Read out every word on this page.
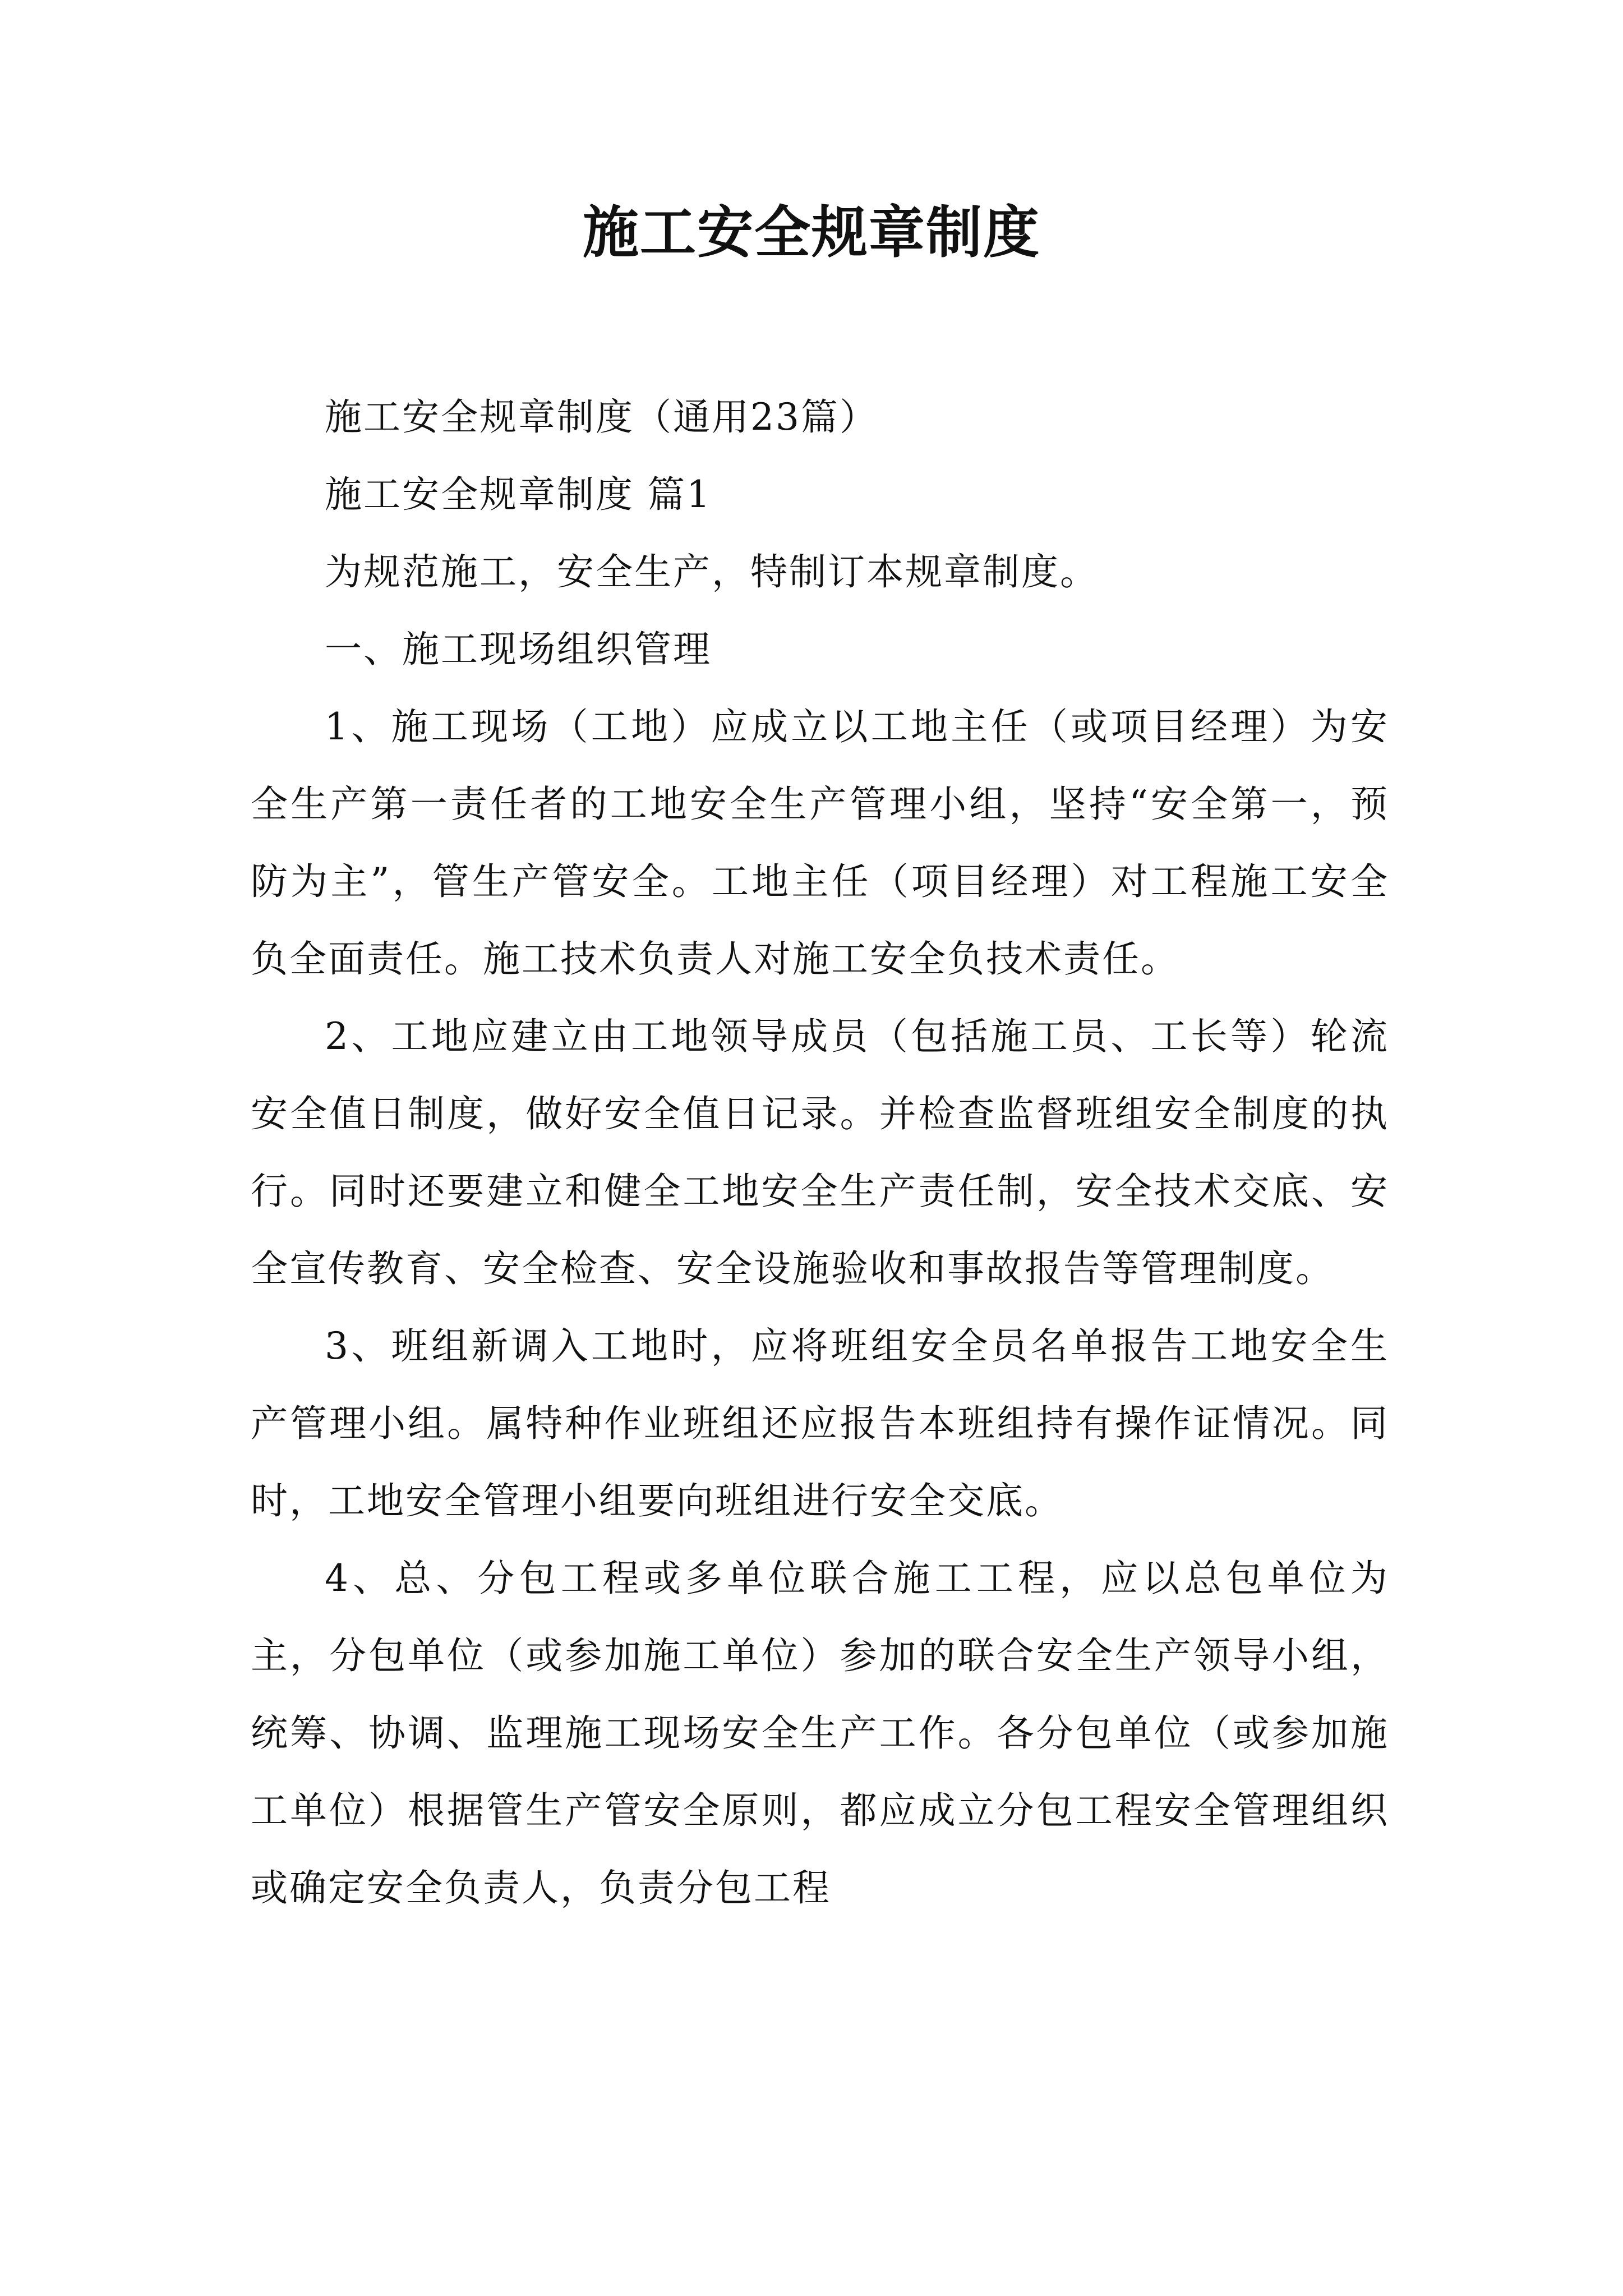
施工安全规章制度

施工安全规章制度（通用23篇）

施工安全规章制度 篇1

为规范施工，安全生产，特制订本规章制度。

一、施工现场组织管理

1、施工现场（工地）应成立以工地主任（或项目经理）为安全生产第一责任者的工地安全生产管理小组，坚持“安全第一，预防为主”，管生产管安全。工地主任（项目经理）对工程施工安全负全面责任。施工技术负责人对施工安全负技术责任。

2、工地应建立由工地领导成员（包括施工员、工长等）轮流安全值日制度，做好安全值日记录。并检查监督班组安全制度的执行。同时还要建立和健全工地安全生产责任制，安全技术交底、安全宣传教育、安全检查、安全设施验收和事故报告等管理制度。

3、班组新调入工地时，应将班组安全员名单报告工地安全生产管理小组。属特种作业班组还应报告本班组持有操作证情况。同时，工地安全管理小组要向班组进行安全交底。

4、总、分包工程或多单位联合施工工程，应以总包单位为主，分包单位（或参加施工单位）参加的联合安全生产领导小组，统筹、协调、监理施工现场安全生产工作。各分包单位（或参加施工单位）根据管生产管安全原则，都应成立分包工程安全管理组织或确定安全负责人，负责分包工程
